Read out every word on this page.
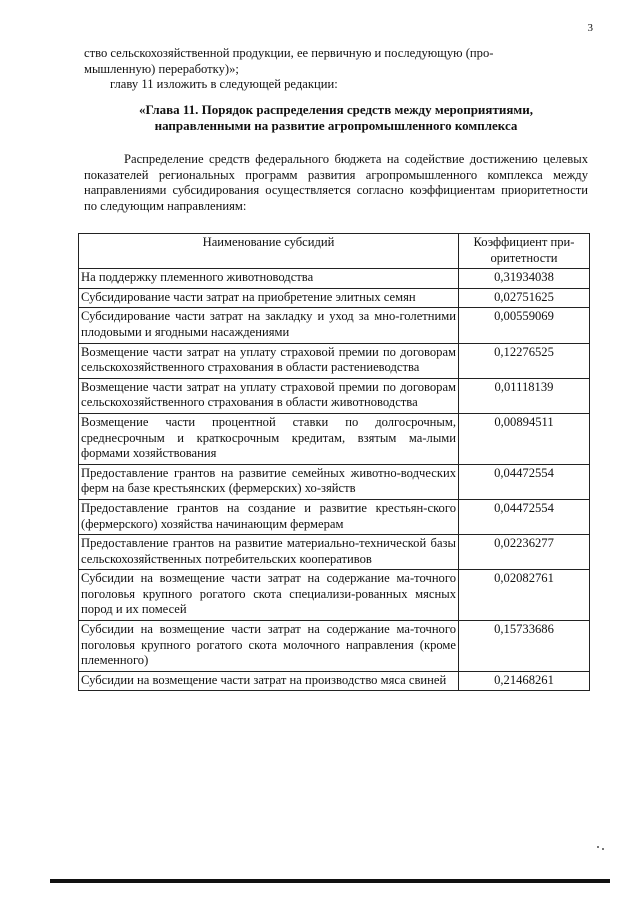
3
ство сельскохозяйственной продукции, ее первичную и последующую (про-
мышленную) переработку)»;

главу 11 изложить в следующей редакции:

«Глава 11. Порядок распределения средств между мероприятиями,
направленными на развитие агропромышленного комплекса

Распределение средств федерального бюджета на содействие достижению целевых показателей региональных программ развития агропромышленного комплекса между направлениями субсидирования осуществляется согласно коэффициентам приоритетности по следующим направлениям:

Наименование субсидий	Коэффициент при-оритетности
На поддержку племенного животноводства	0,31934038
Субсидирование части затрат на приобретение элитных семян	0,02751625
Субсидирование части затрат на закладку и уход за мно-голетними плодовыми и ягодными насаждениями	0,00559069
Возмещение части затрат на уплату страховой премии по договорам сельскохозяйственного страхования в области растениеводства	0,12276525
Возмещение части затрат на уплату страховой премии по договорам сельскохозяйственного страхования в области животноводства	0,01118139
Возмещение части процентной ставки по долгосрочным, среднесрочным и краткосрочным кредитам, взятым ма-лыми формами хозяйствования	0,00894511
Предоставление грантов на развитие семейных животно-водческих ферм на базе крестьянских (фермерских) хо-зяйств	0,04472554
Предоставление грантов на создание и развитие крестьян-ского (фермерского) хозяйства начинающим фермерам	0,04472554
Предоставление грантов на развитие материально-технической базы сельскохозяйственных потребительских кооперативов	0,02236277
Субсидии на возмещение части затрат на содержание ма-точного поголовья крупного рогатого скота специализи-рованных мясных пород и их помесей	0,02082761
Субсидии на возмещение части затрат на содержание ма-точного поголовья крупного рогатого скота молочного направления (кроме племенного)	0,15733686
Субсидии на возмещение части затрат на производство мяса свиней	0,21468261
